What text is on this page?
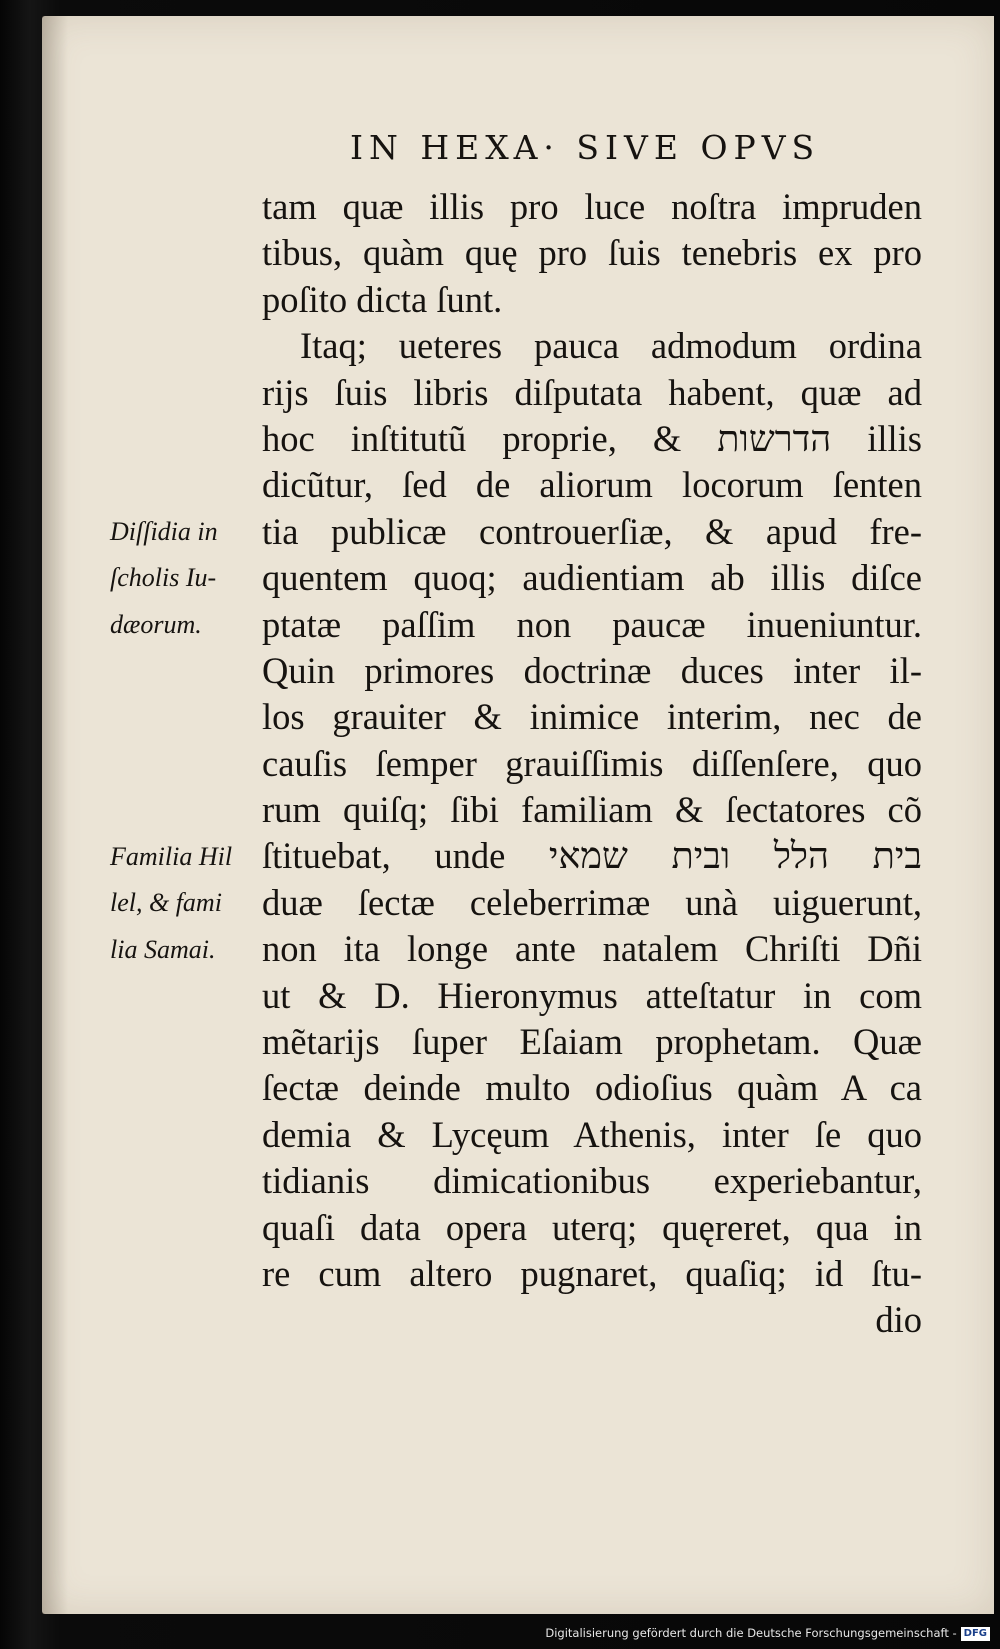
IN HEXA· SIVE OPVS
tam quæ illis pro luce noſtra impruden
tibus, quàm quę pro ſuis tenebris ex pro
poſito dicta ſunt.
Itaq; ueteres pauca admodum ordina
rijs ſuis libris diſputata habent, quæ ad
hoc inſtitutũ proprie, & הדרשות illis
dicũtur, ſed de aliorum locorum ſenten
tia publicæ controuerſiæ, & apud fre-
quentem quoq; audientiam ab illis diſce
ptatæ paſſim non paucæ inueniuntur.
Quin primores doctrinæ duces inter il-
los grauiter & inimice interim, nec de
cauſis ſemper grauiſſimis diſſenſere, quo
rum quiſq; ſibi familiam & ſectatores cõ
ſtituebat, unde בית הלל ובית שמאי
duæ ſectæ celeberrimæ unà uiguerunt,
non ita longe ante natalem Chriſti Dñi
ut & D. Hieronymus atteſtatur in com
mẽtarijs ſuper Eſaiam prophetam. Quæ
ſectæ deinde multo odioſius quàm A ca
demia & Lycęum Athenis, inter ſe quo
tidianis dimicationibus experiebantur,
quaſi data opera uterq; quęreret, qua in
re cum altero pugnaret, quaſiq; id ſtu-
dio
Diſſidia in
ſcholis Iu-
dæorum.
Familia Hil
lel, & fami
lia Samai.
Digitalisierung gefördert durch die Deutsche Forschungsgemeinschaft - DFG
